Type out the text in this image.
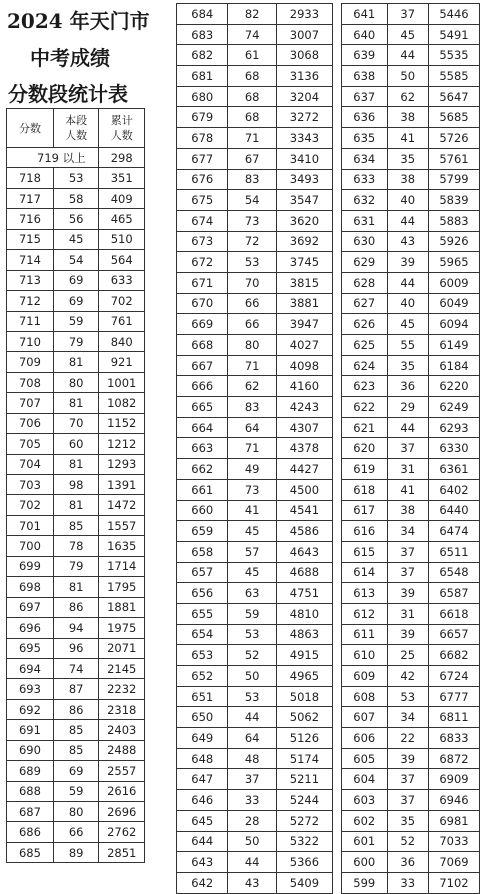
2024 年天门市
中考成绩
分数段统计表
分数	本段
人数	累计
人数
719 以上		298
718	53	351
717	58	409
716	56	465
715	45	510
714	54	564
713	69	633
712	69	702
711	59	761
710	79	840
709	81	921
708	80	1001
707	81	1082
706	70	1152
705	60	1212
704	81	1293
703	98	1391
702	81	1472
701	85	1557
700	78	1635
699	79	1714
698	81	1795
697	86	1881
696	94	1975
695	96	2071
694	74	2145
693	87	2232
692	86	2318
691	85	2403
690	85	2488
689	69	2557
688	59	2616
687	80	2696
686	66	2762
685	89	2851
684	82	2933
683	74	3007
682	61	3068
681	68	3136
680	68	3204
679	68	3272
678	71	3343
677	67	3410
676	83	3493
675	54	3547
674	73	3620
673	72	3692
672	53	3745
671	70	3815
670	66	3881
669	66	3947
668	80	4027
667	71	4098
666	62	4160
665	83	4243
664	64	4307
663	71	4378
662	49	4427
661	73	4500
660	41	4541
659	45	4586
658	57	4643
657	45	4688
656	63	4751
655	59	4810
654	53	4863
653	52	4915
652	50	4965
651	53	5018
650	44	5062
649	64	5126
648	48	5174
647	37	5211
646	33	5244
645	28	5272
644	50	5322
643	44	5366
642	43	5409
641	37	5446
640	45	5491
639	44	5535
638	50	5585
637	62	5647
636	38	5685
635	41	5726
634	35	5761
633	38	5799
632	40	5839
631	44	5883
630	43	5926
629	39	5965
628	44	6009
627	40	6049
626	45	6094
625	55	6149
624	35	6184
623	36	6220
622	29	6249
621	44	6293
620	37	6330
619	31	6361
618	41	6402
617	38	6440
616	34	6474
615	37	6511
614	37	6548
613	39	6587
612	31	6618
611	39	6657
610	25	6682
609	42	6724
608	53	6777
607	34	6811
606	22	6833
605	39	6872
604	37	6909
603	37	6946
602	35	6981
601	52	7033
600	36	7069
599	33	7102
